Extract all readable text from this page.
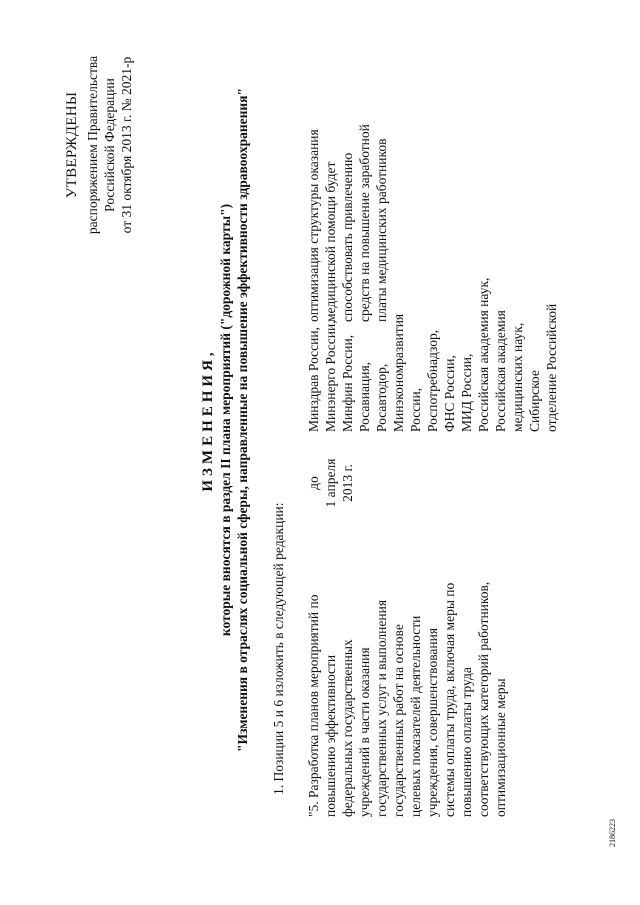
УТВЕРЖДЕНЫ распоряжением Правительства Российской Федерации от 31 октября 2013 г. № 2021-р
ИЗМЕНЕНИЯ, которые вносятся в раздел II плана мероприятий ("дорожной карты") "Изменения в отраслях социальной сферы, направленные на повышение эффективности здравоохранения" 1. Позиции 5 и 6 изложить в следующей редакции: "5. Разработка планов мероприятий по повышению эффективности федеральных государственных учреждений в части оказания государственных услуг и выполнения государственных работ на основе целевых показателей деятельности учреждения, совершенствования системы оплаты труда, включая меры по повышению оплаты труда соответствующих категорий работников, оптимизационные меры
до 1 апреля 2013 г.
Минздрав России, Минэнерго России, Минфин России, Росавиация, Росавтодор, Минэкономразвития России, Роспотребнадзор, ФНС России, МИД России, Российская академия наук, Российская академия медицинских наук, Сибирское отделение Российской
оптимизация структуры оказания медицинской помощи будет способствовать привлечению средств на повышение заработной платы медицинских работников
2186223
